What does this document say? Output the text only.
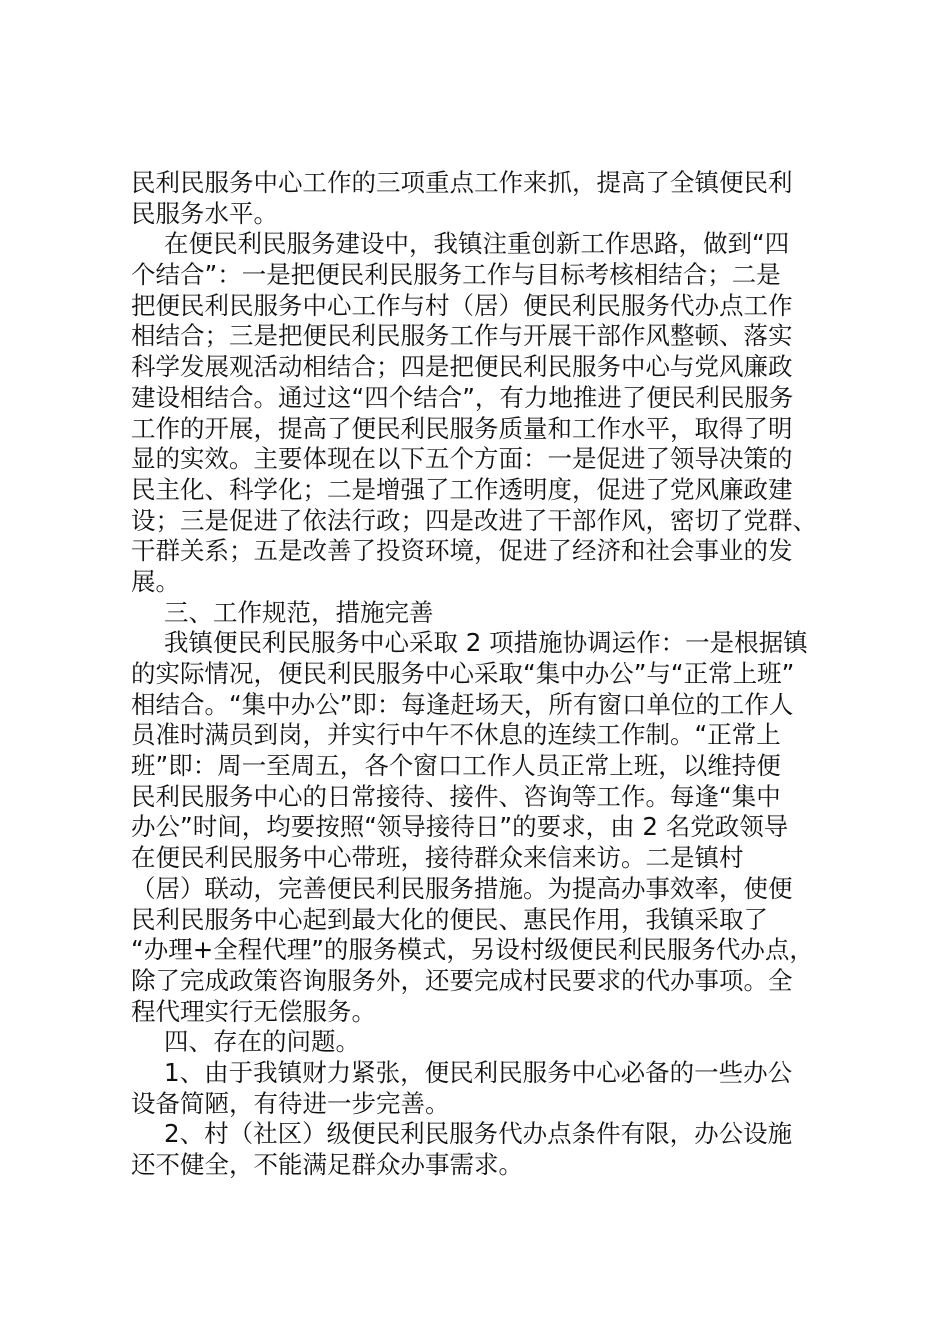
民利民服务中心工作的三项重点工作来抓，提高了全镇便民利
民服务水平。
在便民利民服务建设中，我镇注重创新工作思路，做到“四
个结合”：一是把便民利民服务工作与目标考核相结合；二是
把便民利民服务中心工作与村（居）便民利民服务代办点工作
相结合；三是把便民利民服务工作与开展干部作风整顿、落实
科学发展观活动相结合；四是把便民利民服务中心与党风廉政
建设相结合。通过这“四个结合”，有力地推进了便民利民服务
工作的开展，提高了便民利民服务质量和工作水平，取得了明
显的实效。主要体现在以下五个方面：一是促进了领导决策的
民主化、科学化；二是增强了工作透明度，促进了党风廉政建
设；三是促进了依法行政；四是改进了干部作风，密切了党群、
干群关系；五是改善了投资环境，促进了经济和社会事业的发
展。
三、工作规范，措施完善
我镇便民利民服务中心采取 2 项措施协调运作：一是根据镇
的实际情况，便民利民服务中心采取“集中办公”与“正常上班”
相结合。“集中办公”即：每逢赶场天，所有窗口单位的工作人
员准时满员到岗，并实行中午不休息的连续工作制。“正常上
班”即：周一至周五，各个窗口工作人员正常上班，以维持便
民利民服务中心的日常接待、接件、咨询等工作。每逢“集中
办公”时间，均要按照“领导接待日”的要求，由 2 名党政领导
在便民利民服务中心带班，接待群众来信来访。二是镇村
（居）联动，完善便民利民服务措施。为提高办事效率，使便
民利民服务中心起到最大化的便民、惠民作用，我镇采取了
“办理+全程代理”的服务模式，另设村级便民利民服务代办点，
除了完成政策咨询服务外，还要完成村民要求的代办事项。全
程代理实行无偿服务。
四、存在的问题。
1、由于我镇财力紧张，便民利民服务中心必备的一些办公
设备简陋，有待进一步完善。
2、村（社区）级便民利民服务代办点条件有限，办公设施
还不健全，不能满足群众办事需求。
